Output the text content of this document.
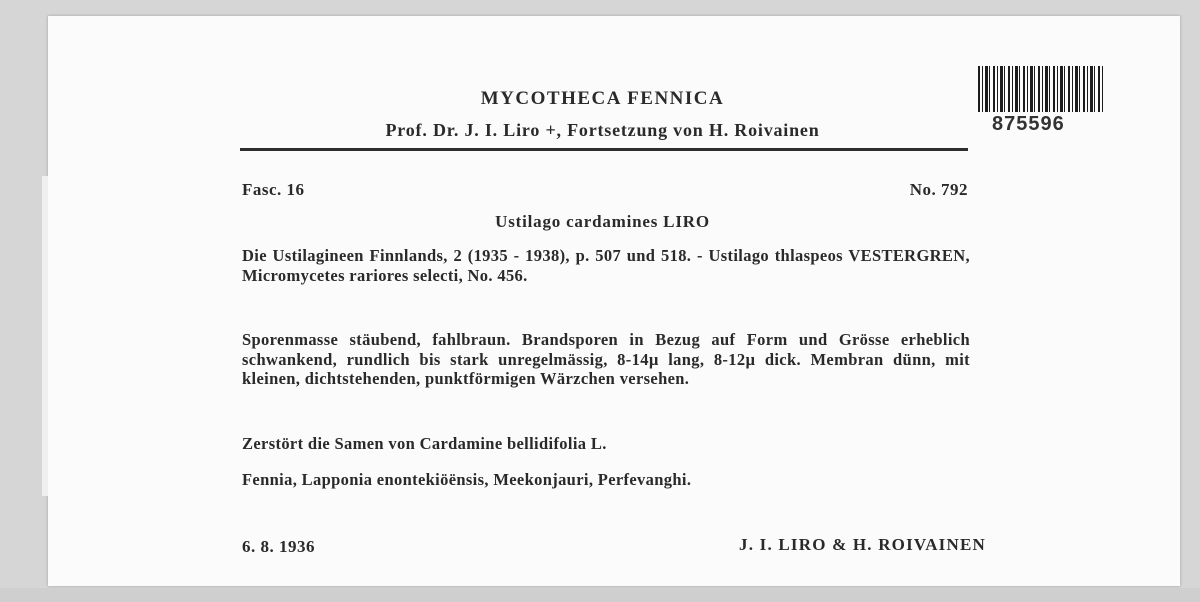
MYCOTHECA FENNICA
Prof. Dr. J. I. Liro +, Fortsetzung von H. Roivainen	875596
Fasc. 16	No. 792
Ustilago cardamines LIRO
Die Ustilagineen Finnlands, 2 (1935 - 1938), p. 507 und 518. - Ustilago thlaspeos VESTERGREN, Micromycetes rariores selecti, No. 456.
Sporenmasse stäubend, fahlbraun. Brandsporen in Bezug auf Form und Grösse erheblich schwankend, rundlich bis stark unregelmässig, 8-14µ lang, 8-12µ dick. Membran dünn, mit kleinen, dichtstehenden, punktförmigen Wärzchen versehen.
Zerstört die Samen von Cardamine bellidifolia L.
Fennia, Lapponia enontekiöënsis, Meekonjauri, Perfevanghi.
6. 8. 1936	J. I. LIRO & H. ROIVAINEN
